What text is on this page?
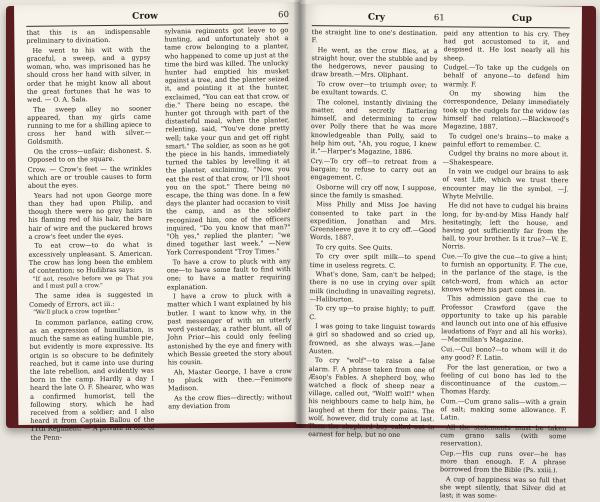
Crow	60

that this is an indispensable preliminary to divination.

He went to his wit with the graceful, a sweep, and a gypsy woman, who, was imprisoned has he should cross her hand with silver, in order that he might know all about the great fortunes that he was to wed. — O. A. Sala.

The sweep alley no sooner appeared, than my girls came running to me for a shilling apiece to cross her hand with silver.—Goldsmith.

On the cross—unfair; dishonest. S. Opposed to on the square.

Crow. — Crow's feet — the wrinkles which are or trouble causes to form about the eyes.

Years had not upon George more than they had upon Philip, and though there were no grey hairs in his flaming red of his hair, the bare hair of wire and the puckered brows a crow's feet under the eyes.

To eat crow—to do what is excessively unpleasant. S. American. The crow has long been the emblem of contention; so Hudibras says:

"If not, resolve before we go That you and I must pull a crow."

The same idea is suggested in Comedy of Errors, act iii.:

"We'll pluck a crow together."

In common parlance, eating crow, as an expression of humiliation, is much the same as eating humble pie, but evidently is more expressive. Its origin is so obscure to be definitely reached, but it came into use during the late rebellion, and evidently was born in the camp. Hardly a day I heard the late O. F. Shearer, who was a confirmed humorist, tell the following story, which he had received from a soldier; and I also heard it from Captain Ballou of the 11th Regiment: — A private in one of the Penn-

sylvania regiments got leave to go hunting, and unfortunately shot a tame crow belonging to a planter, who happened to come up just at the time the bird was killed. The unlucky hunter had emptied his musket against a tree, and the planter seized it, and pointing it at the hunter, exclaimed, "You can eat that crow, or die." There being no escape, the hunter got through with part of the distasteful meal, when the planter, relenting, said, "You've done pretty well; take your gun and get off right smart." The soldier, as soon as he got the piece in his hands, immediately turned the tables by levelling it at the planter, exclaiming, "Now, you eat the rest of that crow, or I'll shoot you on the spot." There being no escape, the thing was done. In a few days the planter had occasion to visit the camp, and as the soldier recognized him, one of the officers inquired, "Do you know that man?" "Oh yes," replied the planter; "we dined together last week." —New York Correspondent "Troy Times."

To have a crow to pluck with any one—to have some fault to find with one; to have a matter requiring explanation.

I have a crow to pluck with a matter which I want explained by his butler. I want to know why, in the past messenger of with an utterly word yesterday, a rather blunt, all of John Prior—his could only feeling astonished by the eye and finery with which Bessie greeted the story about his cousin.

Ah, Master George, I have a crow to pluck with thee.—Fenimore Madison.

As the crow flies—directly; without any deviation from

Cry	61	Cup

the straight line to one's destination. F.

He went, as the crow flies, at a straight hour, over the stubble and by the hedgerows, never pausing to draw breath.—Mrs. Oliphant.

To crow over—to triumph over; to be exultant towards. C.

The colonel, instantly divining the matter, and secretly flattering himself, and determining to crow over Polly there that he was more knowledgeable than Polly, said to help him out, "Ah, you rogue, I knew it."—Harper's Magazine, 1886.

Cry.—To cry off—to retreat from a bargain; to refuse to carry out an engagement. C.

Osborne will cry off now, I suppose, since the family is smashed.

Miss Philly and Miss Joe having consented to take part in the expedition, Jonathan and Mrs. Greensleeve gave it to cry off.—Good Words, 1887.

To cry quits. See Quits.

To cry over spilt milk—to spend time in useless regrets. C.

What's done, Sam, can't be helped; there is no use in crying over spilt milk (including in unavailing regrets).—Haliburton.

To cry up—to praise highly; to puff. C.

I was going to take linguist towards a girl so shadowed and so cried up, frowned, as she always was.—Jane Austen.

To cry "wolf"—to raise a false alarm. F. A phrase taken from one of Æsop's Fables. A shepherd boy, who watched a flock of sheep near a village, called out, "Wolf! wolf!" when his neighbours came to help him, he laughed at them for their pains. The wolf, however, did truly come at last. Then the shepherd boy called out in earnest for help, but no one

paid any attention to his cry. They had got accustomed to it, and despised it. He lost nearly all his sheep.

Cudgel.—To take up the cudgels on behalf of anyone—to defend him warmly. F.

On my showing him the correspondence, Delany immediately took up the cudgels for the widow (as himself had relation).—Blackwood's Magazine, 1887.

To cudgel one's brains—to make a painful effort to remember. C.

Cudgel thy brains no more about it. —Shakespeare.

In vain we cudgel our brains to ask of vast Life, which we trust there encounter may lie the symbol. —J. Whyte Melville.

He did not have to cudgel his brains long, for by-and-by Miss Handy half hesitatingly, left the house, and having got sufficiently far from the hall, to your brother. Is it true?—W. E. Norris.

Cue.—To give the cue—to give a hint; to furnish an opportunity. F. The cue, in the parlance of the stage, is the catch-word, from which an actor knows where his part comes in.

This admission gave the cue to Professor Crawford (gave the opportunity to take up his parable and launch out into one of his effusive laudations of Fayr and all his works).—Macmillan's Magazine.

Cui.—Cui bono?—to whom will it do any good? F. Latin.

For the last generation, or two a feeling of cui bono has led to the discontinuance of the custom.—Thomas Hardy.

Cum.—Cum grano salis—with a grain of salt; making some allowance. F. Latin.

All the statements must be taken cum grano salis (with some reservation).

Cup.—His cup runs over—he has more than enough. F. A phrase borrowed from the Bible (Ps. xxiii.).

A cup of happiness was so full that she wept silently, that Silver did at last; it was some-
